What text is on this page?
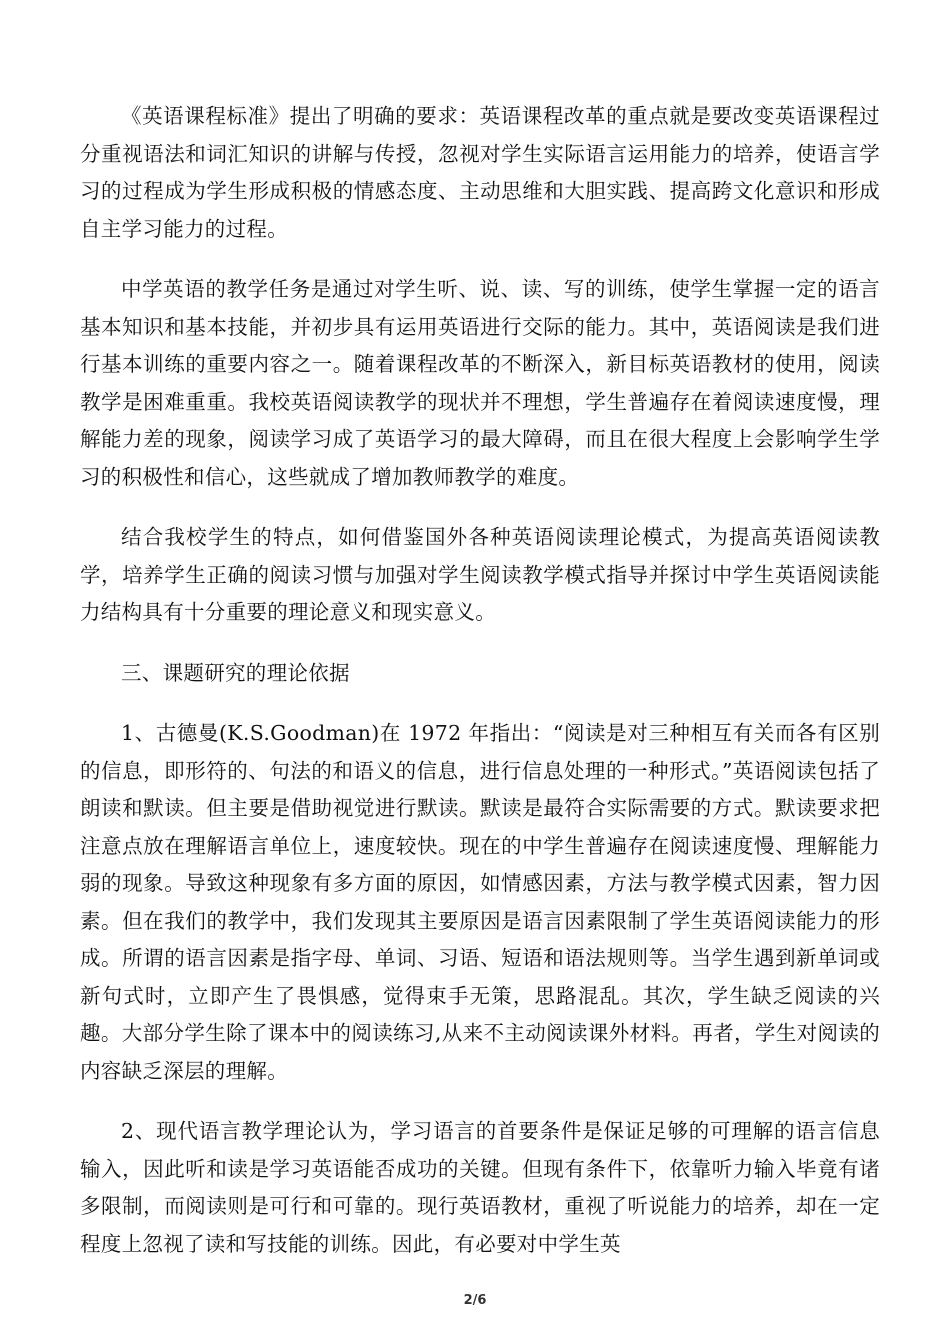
《英语课程标准》提出了明确的要求：英语课程改革的重点就是要改变英语课程过分重视语法和词汇知识的讲解与传授，忽视对学生实际语言运用能力的培养，使语言学习的过程成为学生形成积极的情感态度、主动思维和大胆实践、提高跨文化意识和形成自主学习能力的过程。

中学英语的教学任务是通过对学生听、说、读、写的训练，使学生掌握一定的语言基本知识和基本技能，并初步具有运用英语进行交际的能力。其中，英语阅读是我们进行基本训练的重要内容之一。随着课程改革的不断深入，新目标英语教材的使用，阅读教学是困难重重。我校英语阅读教学的现状并不理想，学生普遍存在着阅读速度慢，理解能力差的现象，阅读学习成了英语学习的最大障碍，而且在很大程度上会影响学生学习的积极性和信心，这些就成了增加教师教学的难度。

结合我校学生的特点，如何借鉴国外各种英语阅读理论模式，为提高英语阅读教学，培养学生正确的阅读习惯与加强对学生阅读教学模式指导并探讨中学生英语阅读能力结构具有十分重要的理论意义和现实意义。

三、课题研究的理论依据

1、古德曼(K.S.Goodman)在 1972 年指出：“阅读是对三种相互有关而各有区别的信息，即形符的、句法的和语义的信息，进行信息处理的一种形式。”英语阅读包括了朗读和默读。但主要是借助视觉进行默读。默读是最符合实际需要的方式。默读要求把注意点放在理解语言单位上，速度较快。现在的中学生普遍存在阅读速度慢、理解能力弱的现象。导致这种现象有多方面的原因，如情感因素，方法与教学模式因素，智力因素。但在我们的教学中，我们发现其主要原因是语言因素限制了学生英语阅读能力的形成。所谓的语言因素是指字母、单词、习语、短语和语法规则等。当学生遇到新单词或新句式时，立即产生了畏惧感，觉得束手无策，思路混乱。其次，学生缺乏阅读的兴趣。大部分学生除了课本中的阅读练习,从来不主动阅读课外材料。再者，学生对阅读的内容缺乏深层的理解。

2、现代语言教学理论认为，学习语言的首要条件是保证足够的可理解的语言信息输入，因此听和读是学习英语能否成功的关键。但现有条件下，依靠听力输入毕竟有诸多限制，而阅读则是可行和可靠的。现行英语教材，重视了听说能力的培养，却在一定程度上忽视了读和写技能的训练。因此，有必要对中学生英

2/6
